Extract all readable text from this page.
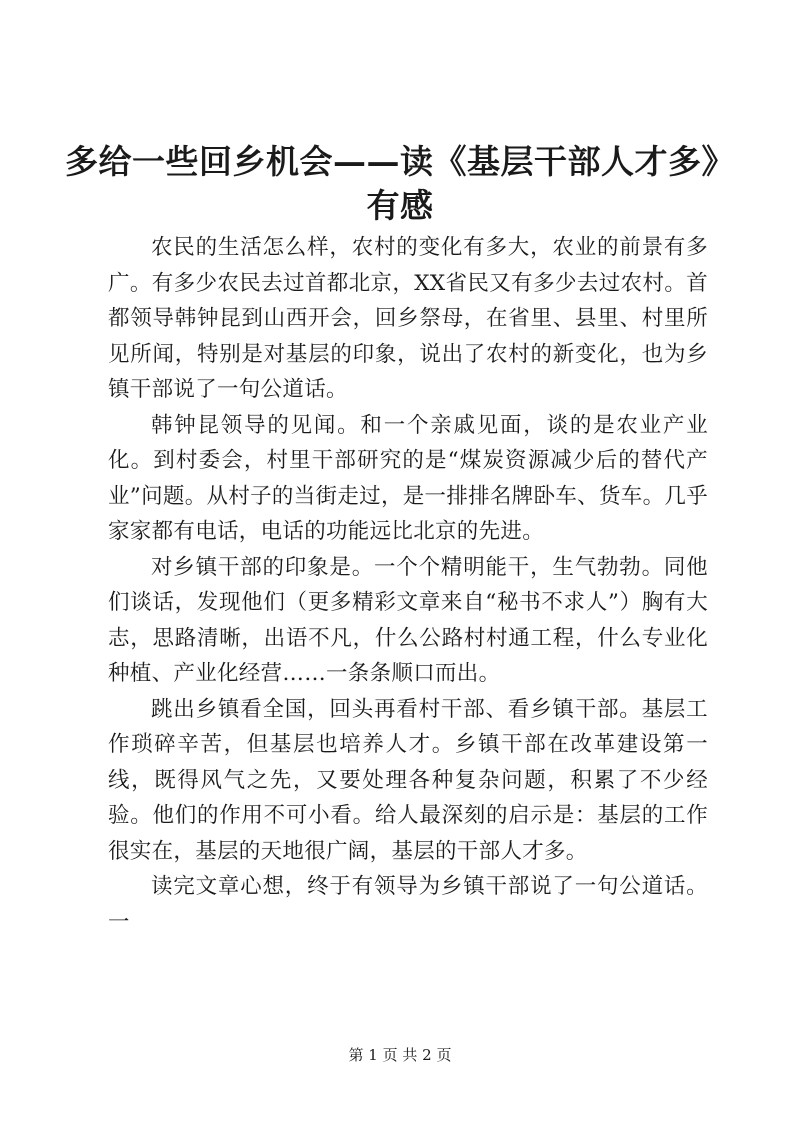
多给一些回乡机会——读《基层干部人才多》
有感

农民的生活怎么样，农村的变化有多大，农业的前景有多广。有多少农民去过首都北京，XX省民又有多少去过农村。首都领导韩钟昆到山西开会，回乡祭母，在省里、县里、村里所见所闻，特别是对基层的印象，说出了农村的新变化，也为乡镇干部说了一句公道话。

韩钟昆领导的见闻。和一个亲戚见面，谈的是农业产业化。到村委会，村里干部研究的是“煤炭资源减少后的替代产业”问题。从村子的当街走过，是一排排名牌卧车、货车。几乎家家都有电话，电话的功能远比北京的先进。

对乡镇干部的印象是。一个个精明能干，生气勃勃。同他们谈话，发现他们（更多精彩文章来自“秘书不求人”）胸有大志，思路清晰，出语不凡，什么公路村村通工程，什么专业化种植、产业化经营……一条条顺口而出。

跳出乡镇看全国，回头再看村干部、看乡镇干部。基层工作琐碎辛苦，但基层也培养人才。乡镇干部在改革建设第一线，既得风气之先，又要处理各种复杂问题，积累了不少经验。他们的作用不可小看。给人最深刻的启示是：基层的工作很实在，基层的天地很广阔，基层的干部人才多。

读完文章心想，终于有领导为乡镇干部说了一句公道话。一

第 1 页 共 2 页
